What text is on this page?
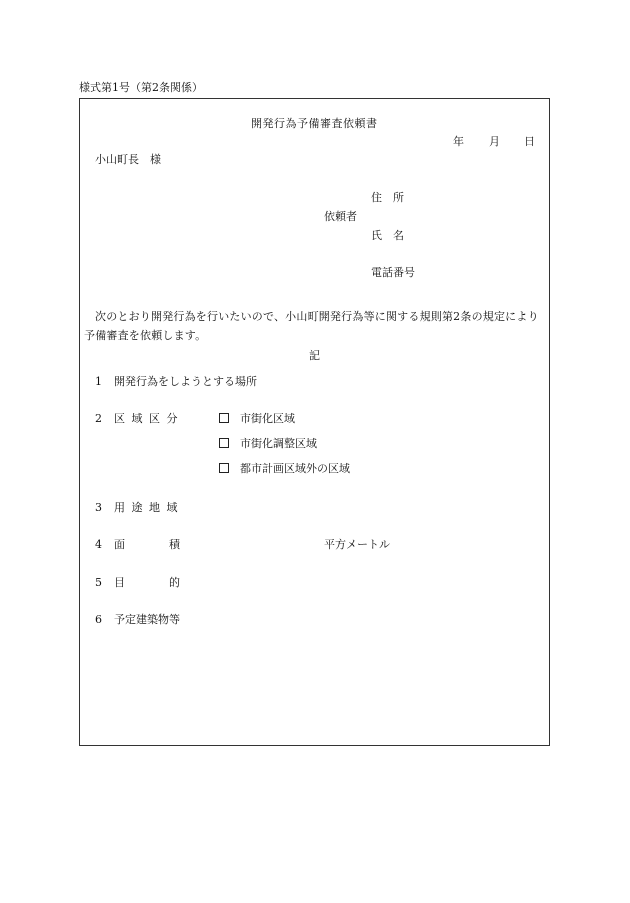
様式第1号（第2条関係）
開発行為予備審査依頼書
年 月 日
小山町長　様
住　所
依頼者
氏　名
電話番号
次のとおり開発行為を行いたいので、小山町開発行為等に関する規則第2条の規定により予備審査を依頼します。
記
1 開発行為をしようとする場所
2 区 域 区 分	市街化区域
市街化調整区域
都市計画区域外の区域
3 用 途 地 域
4 面　　　　積	平方メートル
5 目　　　　的
6 予定建築物等
